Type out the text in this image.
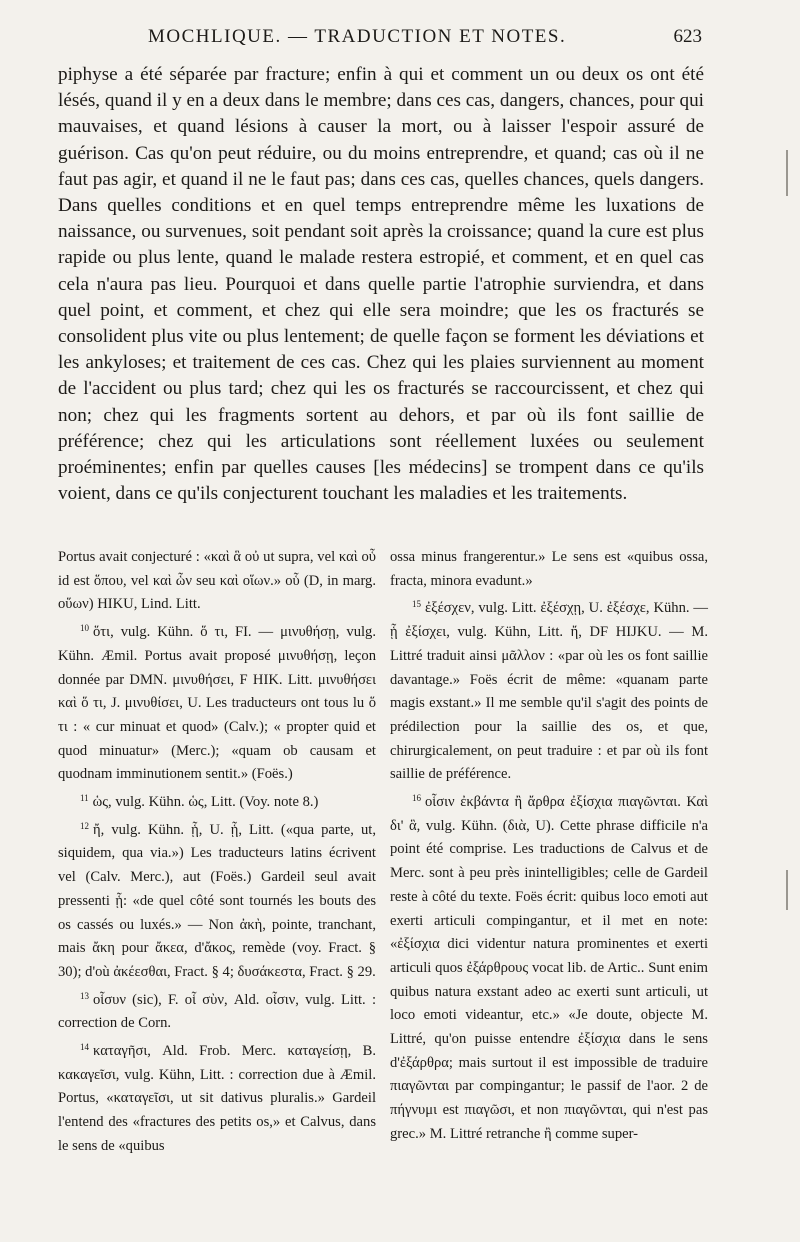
MOCHLIQUE. — TRADUCTION ET NOTES.	623

piphyse a été séparée par fracture; enfin à qui et comment un ou deux os ont été lésés, quand il y en a deux dans le membre; dans ces cas, dangers, chances, pour qui mauvaises, et quand lésions à causer la mort, ou à laisser l'espoir assuré de guérison. Cas qu'on peut réduire, ou du moins entreprendre, et quand; cas où il ne faut pas agir, et quand il ne le faut pas; dans ces cas, quelles chances, quels dangers. Dans quelles conditions et en quel temps entreprendre même les luxations de naissance, ou survenues, soit pendant soit après la croissance; quand la cure est plus rapide ou plus lente, quand le malade restera estropié, et comment, et en quel cas cela n'aura pas lieu. Pourquoi et dans quelle partie l'atrophie surviendra, et dans quel point, et comment, et chez qui elle sera moindre; que les os fracturés se consolident plus vite ou plus lentement; de quelle façon se forment les déviations et les ankyloses; et traitement de ces cas. Chez qui les plaies surviennent au moment de l'accident ou plus tard; chez qui les os fracturés se raccourcissent, et chez qui non; chez qui les fragments sortent au dehors, et par où ils font saillie de préférence; chez qui les articulations sont réellement luxées ou seulement proéminentes; enfin par quelles causes [les médecins] se trompent dans ce qu'ils voient, dans ce qu'ils conjecturent touchant les maladies et les traitements.

Portus avait conjecturé : «καὶ ἃ οὐ ut supra, vel καὶ οὗ id est ὅπου, vel καὶ ὧν seu καὶ οἵων.» οὗ (D, in marg. οὕων) HIKU, Lind. Litt.

$^{10}$ ὅτι, vulg. Kühn. ὅ τι, FI. — μινυθήσῃ, vulg. Kühn. Æmil. Portus avait proposé μινυθήσῃ, leçon donnée par DMN. μινυθήσει, F HIK. Litt. μινυθήσει καὶ ὅ τι, J. μινυθίσει, U. Les traducteurs ont tous lu ὅ τι : « cur minuat et quod» (Calv.); « propter quid et quod minuatur» (Merc.); «quam ob causam et quodnam imminutionem sentit.» (Foës.)

$^{11}$ ὡς, vulg. Kühn. ὡς, Litt. (Voy. note 8.)

$^{12}$ ἤ, vulg. Kühn. ᾗ, U. ᾗ, Litt. («qua parte, ut, siquidem, qua via.») Les traducteurs latins écrivent vel (Calv. Merc.), aut (Foës.) Gardeil seul avait pressenti ᾗ: «de quel côté sont tournés les bouts des os cassés ou luxés.» — Non ἀκὴ, pointe, tranchant, mais ἄκη pour ἄκεα, d'ἄκος, remède (voy. Fract. § 30); d'où ἀκέεσθαι, Fract. § 4; δυσάκεστα, Fract. § 29.

$^{13}$ οἷσυν (sic), F. οἷ σὺν, Ald. οἷσιν, vulg. Litt. : correction de Corn.

$^{14}$ καταγῆσι, Ald. Frob. Merc. καταγείσῃ, B. κακαγεῖσι, vulg. Kühn, Litt. : correction due à Æmil. Portus, «καταγεῖσι, ut sit dativus pluralis.» Gardeil l'entend des «fractures des petits os,» et Calvus, dans le sens de «quibus

ossa minus frangerentur.» Le sens est «quibus ossa, fracta, minora evadunt.»

$^{15}$ ἐξέσχεν, vulg. Litt. ἐξέσχῃ, U. ἐξέσχε, Kühn. — ᾗ ἐξίσχει, vulg. Kühn, Litt. ἤ, DF HIJKU. — M. Littré traduit ainsi μᾶλλον : «par où les os font saillie davantage.» Foës écrit de même: «quanam parte magis exstant.» Il me semble qu'il s'agit des points de prédilection pour la saillie des os, et que, chirurgicalement, on peut traduire : et par où ils font saillie de préférence.

$^{16}$ οἷσιν ἐκβάντα ἢ ἄρθρα ἐξίσχια πιαγῶνται. Καὶ δι' ἃ, vulg. Kühn. (διὰ, U). Cette phrase difficile n'a point été comprise. Les traductions de Calvus et de Merc. sont à peu près inintelligibles; celle de Gardeil reste à côté du texte. Foës écrit: quibus loco emoti aut exerti articuli compingantur, et il met en note: «ἐξίσχια dici videntur natura prominentes et exerti articuli quos ἐξάρθρους vocat lib. de Artic.. Sunt enim quibus natura exstant adeo ac exerti sunt articuli, ut loco emoti videantur, etc.» «Je doute, objecte M. Littré, qu'on puisse entendre ἐξίσχια dans le sens d'ἐξάρθρα; mais surtout il est impossible de traduire πιαγῶνται par compingantur; le passif de l'aor. 2 de πήγνυμι est πιαγῶσι, et non πιαγῶνται, qui n'est pas grec.» M. Littré retranche ἢ comme super-
